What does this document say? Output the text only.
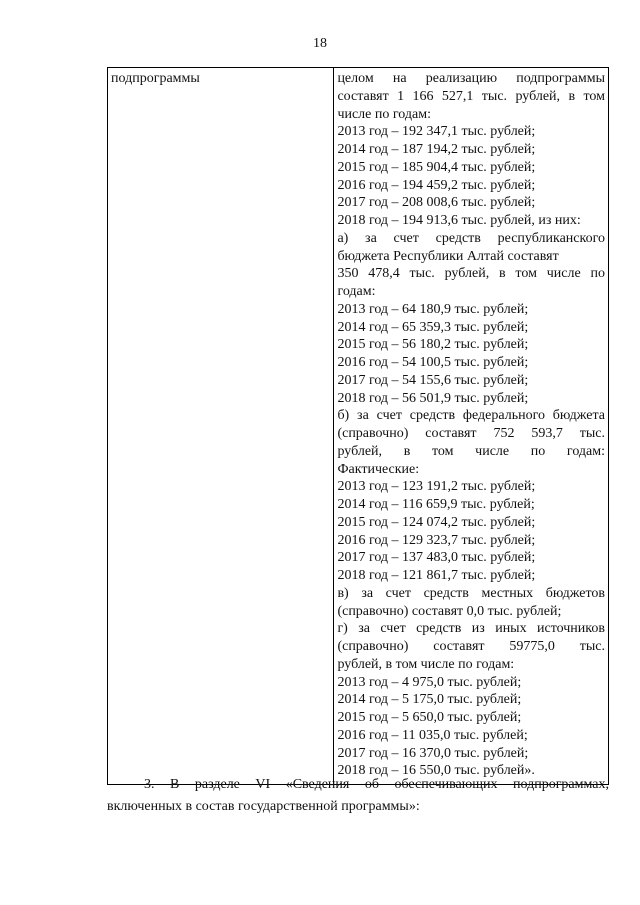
18
подпрограммы	целом на реализацию подпрограммы
составят 1 166 527,1 тыс. рублей, в том
числе по годам:
2013 год – 192 347,1 тыс. рублей;
2014 год – 187 194,2 тыс. рублей;
2015 год – 185 904,4 тыс. рублей;
2016 год – 194 459,2 тыс. рублей;
2017 год – 208 008,6 тыс. рублей;
2018 год – 194 913,6 тыс. рублей, из них:
а) за счет средств республиканского
бюджета Республики Алтай составят
350 478,4 тыс. рублей, в том числе по
годам:
2013 год – 64 180,9 тыс. рублей;
2014 год – 65 359,3 тыс. рублей;
2015 год – 56 180,2 тыс. рублей;
2016 год – 54 100,5 тыс. рублей;
2017 год – 54 155,6 тыс. рублей;
2018 год – 56 501,9 тыс. рублей;
б) за счет средств федерального бюджета
(справочно) составят 752 593,7 тыс.
рублей, в том числе по годам:
Фактические:
2013 год – 123 191,2 тыс. рублей;
2014 год – 116 659,9 тыс. рублей;
2015 год – 124 074,2 тыс. рублей;
2016 год – 129 323,7 тыс. рублей;
2017 год – 137 483,0 тыс. рублей;
2018 год – 121 861,7 тыс. рублей;
в) за счет средств местных бюджетов
(справочно) составят 0,0 тыс. рублей;
г) за счет средств из иных источников
(справочно) составят 59775,0 тыс.
рублей, в том числе по годам:
2013 год – 4 975,0 тыс. рублей;
2014 год – 5 175,0 тыс. рублей;
2015 год – 5 650,0 тыс. рублей;
2016 год – 11 035,0 тыс. рублей;
2017 год – 16 370,0 тыс. рублей;
2018 год – 16 550,0 тыс. рублей».
3. В разделе VI «Сведения об обеспечивающих подпрограммах,
включенных в состав государственной программы»:
